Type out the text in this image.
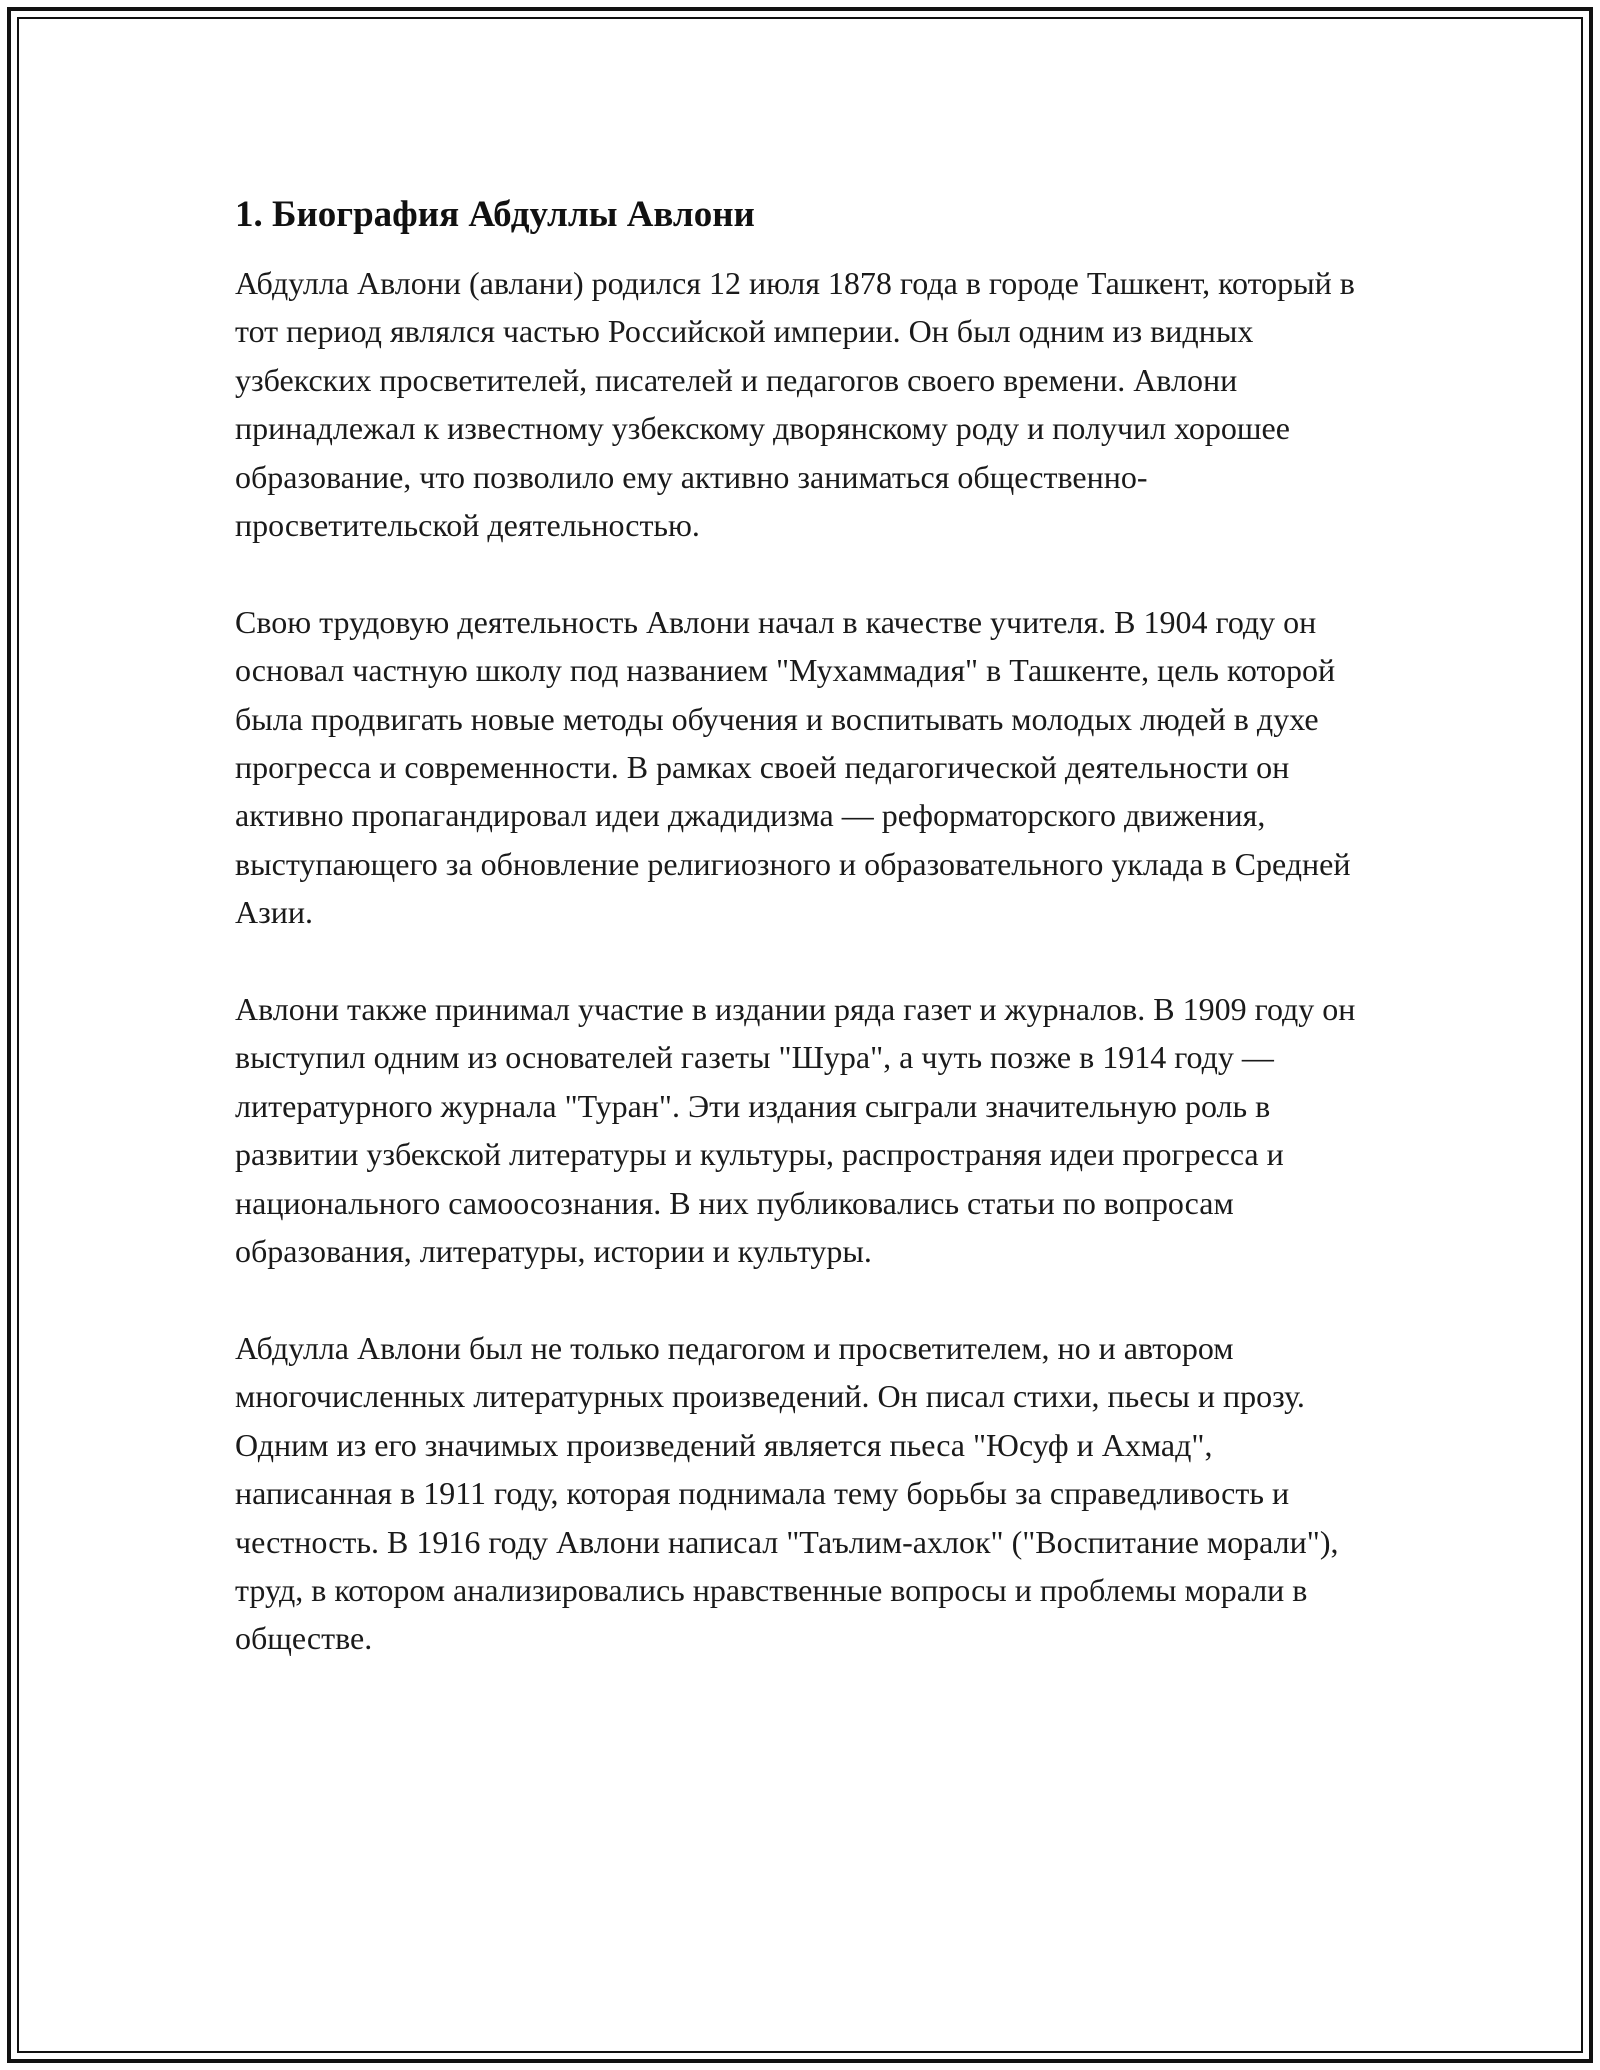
1. Биография Абдуллы Авлони

Абдулла Авлони (авлани) родился 12 июля 1878 года в городе Ташкент, который в тот период являлся частью Российской империи. Он был одним из видных узбекских просветителей, писателей и педагогов своего времени. Авлони принадлежал к известному узбекскому дворянскому роду и получил хорошее образование, что позволило ему активно заниматься общественно-просветительской деятельностью.

Свою трудовую деятельность Авлони начал в качестве учителя. В 1904 году он основал частную школу под названием "Мухаммадия" в Ташкенте, цель которой была продвигать новые методы обучения и воспитывать молодых людей в духе прогресса и современности. В рамках своей педагогической деятельности он активно пропагандировал идеи джадидизма — реформаторского движения, выступающего за обновление религиозного и образовательного уклада в Средней Азии.

Авлони также принимал участие в издании ряда газет и журналов. В 1909 году он выступил одним из основателей газеты "Шура", а чуть позже в 1914 году — литературного журнала "Туран". Эти издания сыграли значительную роль в развитии узбекской литературы и культуры, распространяя идеи прогресса и национального самоосознания. В них публиковались статьи по вопросам образования, литературы, истории и культуры.

Абдулла Авлони был не только педагогом и просветителем, но и автором многочисленных литературных произведений. Он писал стихи, пьесы и прозу. Одним из его значимых произведений является пьеса "Юсуф и Ахмад", написанная в 1911 году, которая поднимала тему борьбы за справедливость и честность. В 1916 году Авлони написал "Таълим-ахлок" ("Воспитание морали"), труд, в котором анализировались нравственные вопросы и проблемы морали в обществе.
